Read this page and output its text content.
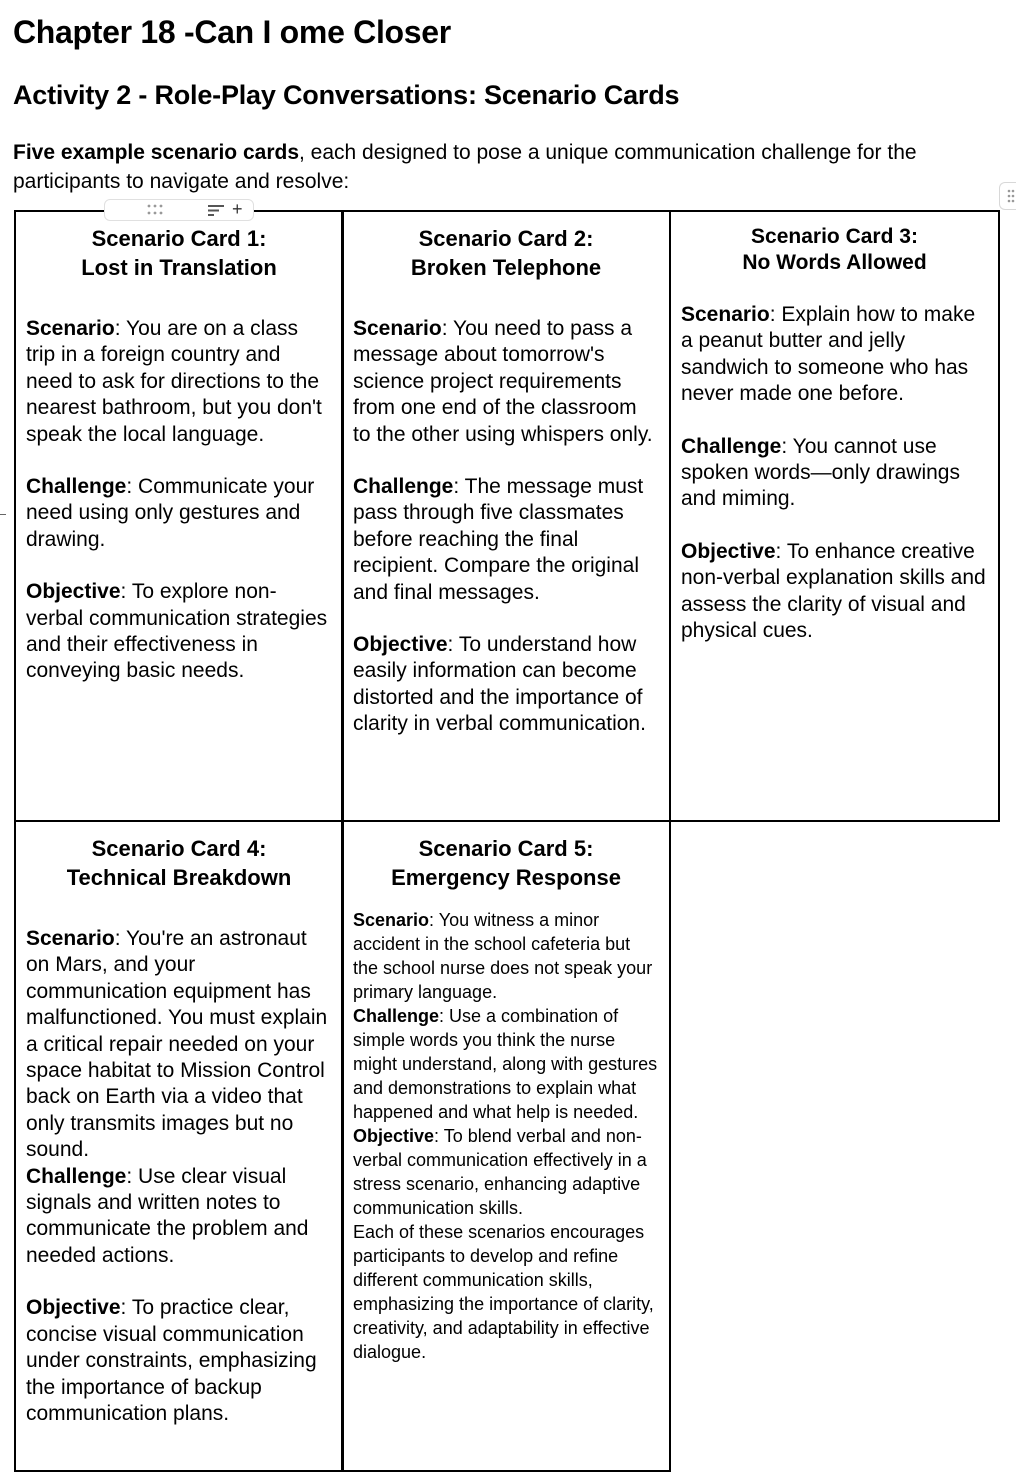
Chapter 18 -Can I ome Closer
Activity 2 - Role-Play Conversations: Scenario Cards

Five example scenario cards, each designed to pose a unique communication challenge for the participants to navigate and resolve:

Scenario Card 1:
Lost in Translation

Scenario: You are on a class trip in a foreign country and need to ask for directions to the nearest bathroom, but you don't speak the local language.

Challenge: Communicate your need using only gestures and drawing.

Objective: To explore non-verbal communication strategies and their effectiveness in conveying basic needs.

Scenario Card 2:
Broken Telephone

Scenario: You need to pass a message about tomorrow's science project requirements from one end of the classroom to the other using whispers only.

Challenge: The message must pass through five classmates before reaching the final recipient. Compare the original and final messages.

Objective: To understand how easily information can become distorted and the importance of clarity in verbal communication.

Scenario Card 3:
No Words Allowed

Scenario: Explain how to make a peanut butter and jelly sandwich to someone who has never made one before.

Challenge: You cannot use spoken words—only drawings and miming.

Objective: To enhance creative non-verbal explanation skills and assess the clarity of visual and physical cues.

Scenario Card 4:
Technical Breakdown

Scenario: You're an astronaut on Mars, and your communication equipment has malfunctioned. You must explain a critical repair needed on your space habitat to Mission Control back on Earth via a video that only transmits images but no sound.

Challenge: Use clear visual signals and written notes to communicate the problem and needed actions.

Objective: To practice clear, concise visual communication under constraints, emphasizing the importance of backup communication plans.

Scenario Card 5:
Emergency Response

Scenario: You witness a minor accident in the school cafeteria but the school nurse does not speak your primary language.

Challenge: Use a combination of simple words you think the nurse might understand, along with gestures and demonstrations to explain what happened and what help is needed.

Objective: To blend verbal and non-verbal communication effectively in a stress scenario, enhancing adaptive communication skills.

Each of these scenarios encourages participants to develop and refine different communication skills, emphasizing the importance of clarity, creativity, and adaptability in effective dialogue.

+
